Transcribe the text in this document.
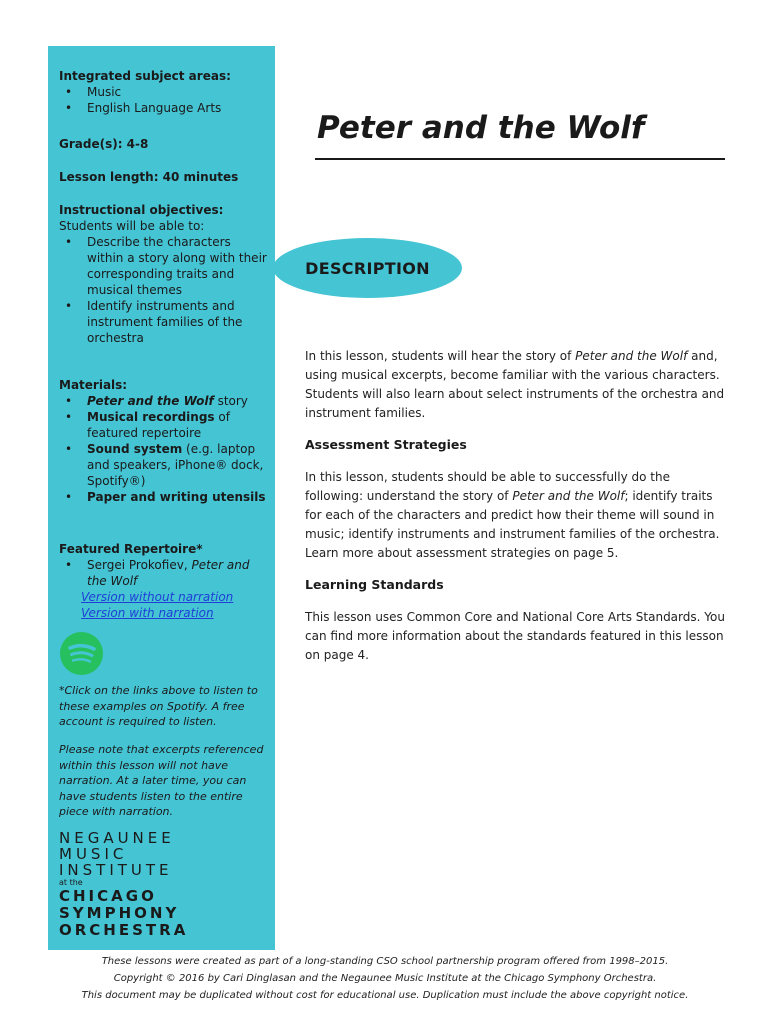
Integrated subject areas:
• Music
• English Language Arts
Grade(s): 4-8
Lesson length: 40 minutes
Instructional objectives:
Students will be able to:
• Describe the characters within a story along with their corresponding traits and musical themes
• Identify instruments and instrument families of the orchestra
Materials:
• Peter and the Wolf story
• Musical recordings of featured repertoire
• Sound system (e.g. laptop and speakers, iPhone® dock, Spotify®)
• Paper and writing utensils
Featured Repertoire*
• Sergei Prokofiev, Peter and the Wolf
Version without narration
Version with narration
*Click on the links above to listen to these examples on Spotify. A free account is required to listen.
Please note that excerpts referenced within this lesson will not have narration. At a later time, you can have students listen to the entire piece with narration.
NEGAUNEE
MUSIC
INSTITUTE
at the
CHICAGO
SYMPHONY
ORCHESTRA
Peter and the Wolf
DESCRIPTION
In this lesson, students will hear the story of Peter and the Wolf and, using musical excerpts, become familiar with the various characters. Students will also learn about select instruments of the orchestra and instrument families.
Assessment Strategies
In this lesson, students should be able to successfully do the following: understand the story of Peter and the Wolf; identify traits for each of the characters and predict how their theme will sound in music; identify instruments and instrument families of the orchestra. Learn more about assessment strategies on page 5.
Learning Standards
This lesson uses Common Core and National Core Arts Standards. You can find more information about the standards featured in this lesson on page 4.
These lessons were created as part of a long-standing CSO school partnership program offered from 1998–2015.
Copyright © 2016 by Cari Dinglasan and the Negaunee Music Institute at the Chicago Symphony Orchestra.
This document may be duplicated without cost for educational use. Duplication must include the above copyright notice.
